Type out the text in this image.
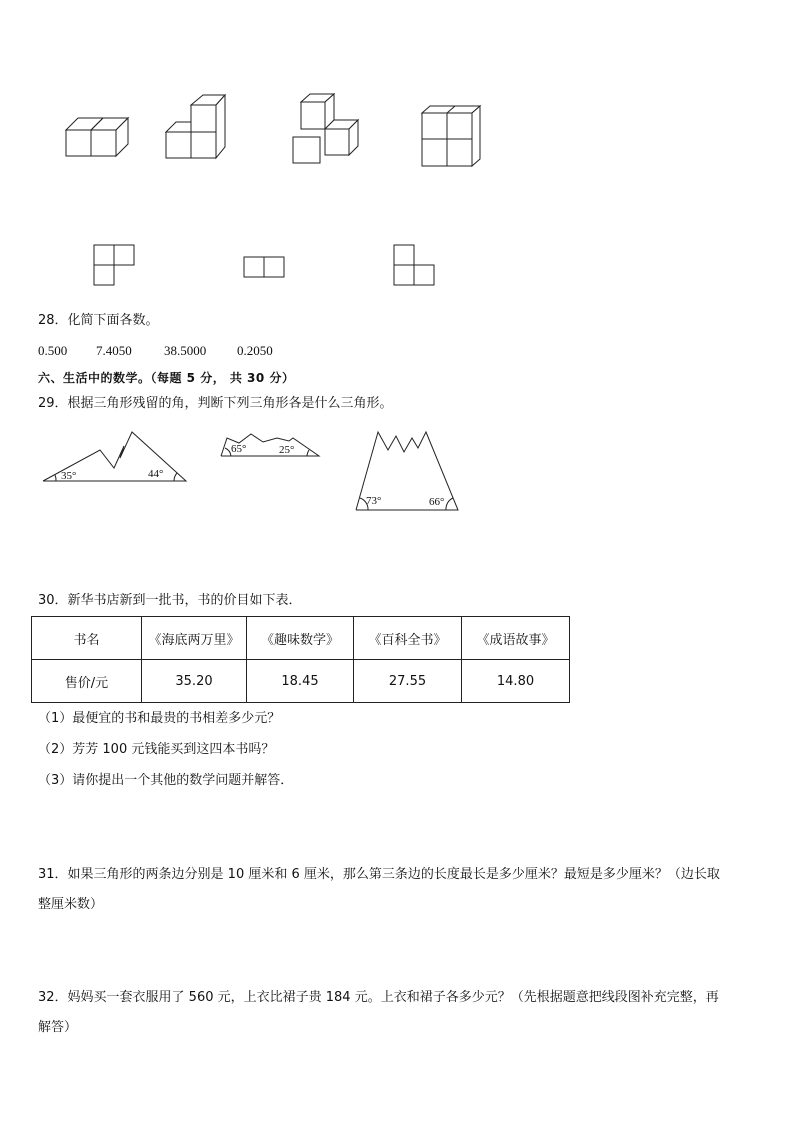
28．化简下面各数。
0.500 7.4050 38.5000 0.2050
六、生活中的数学。（每题 5 分， 共 30 分）
29．根据三角形残留的角，判断下列三角形各是什么三角形。
35°	44°
65°	25°
73°	66°
30．新华书店新到一批书，书的价目如下表．
书名	《海底两万里》	《趣味数学》	《百科全书》	《成语故事》
售价/元	35.20	18.45	27.55	14.80
（1）最便宜的书和最贵的书相差多少元？
（2）芳芳 100 元钱能买到这四本书吗？
（3）请你提出一个其他的数学问题并解答．
31．如果三角形的两条边分别是 10 厘米和 6 厘米，那么第三条边的长度最长是多少厘米？最短是多少厘米？（边长取
整厘米数）
32．妈妈买一套衣服用了 560 元，上衣比裙子贵 184 元。上衣和裙子各多少元？（先根据题意把线段图补充完整，再
解答）
